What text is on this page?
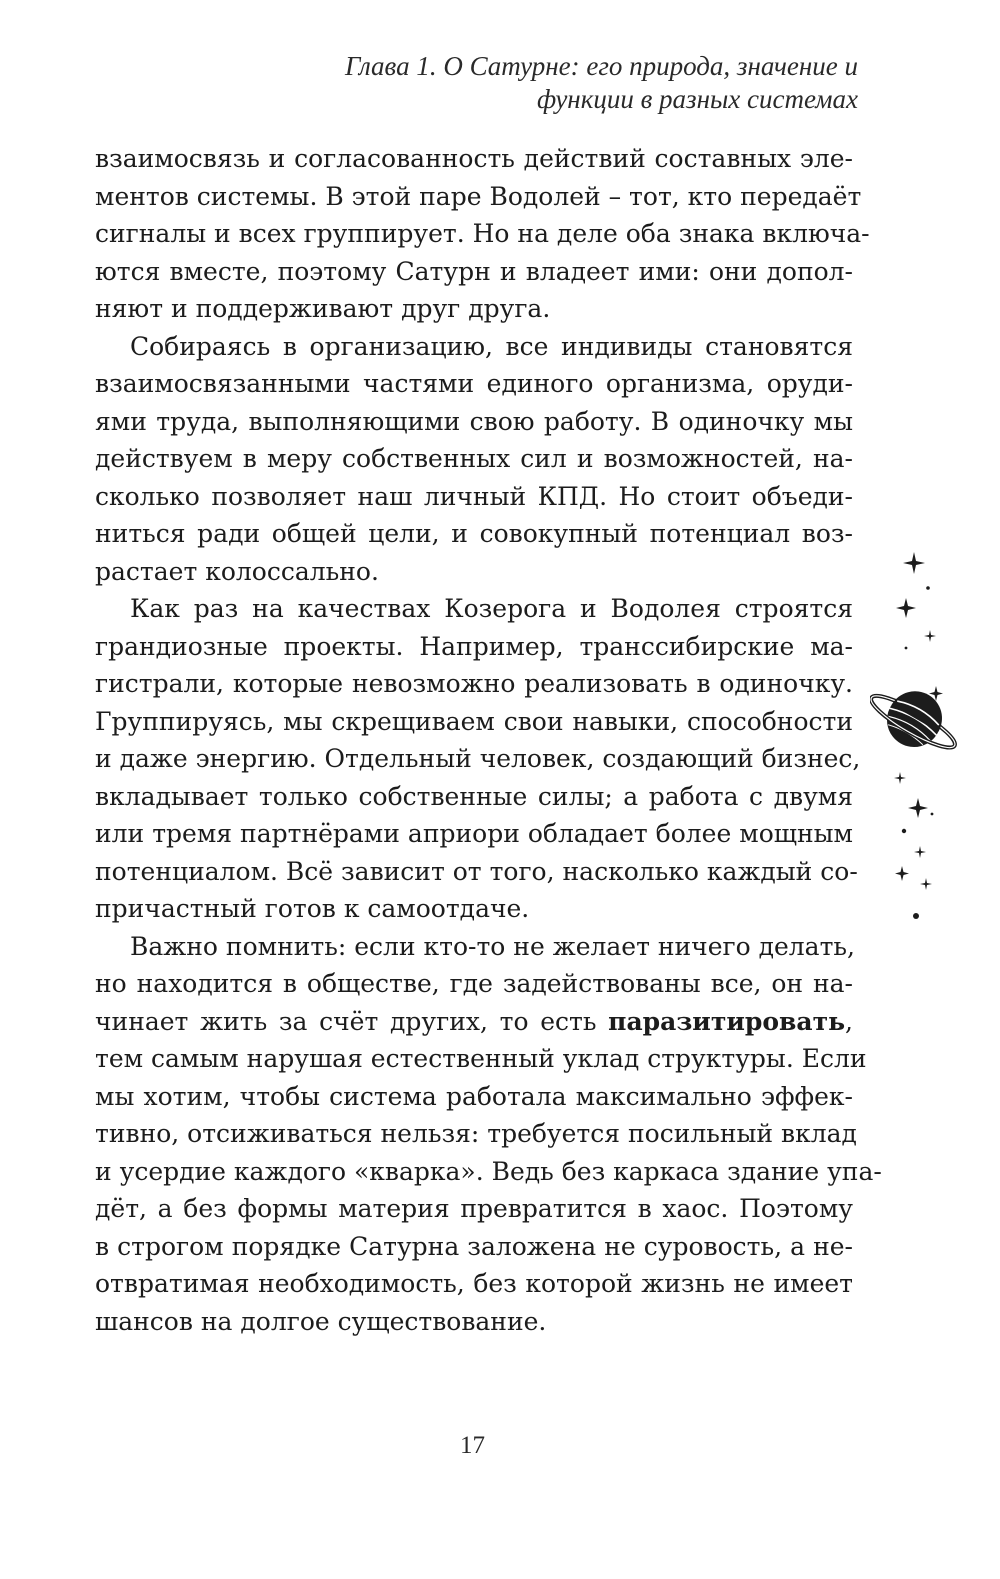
Глава 1. О Сатурне: его природа, значение и
функции в разных системах
взаимосвязь и согласованность действий составных эле-
ментов системы. В этой паре Водолей – тот, кто передаёт
сигналы и всех группирует. Но на деле оба знака включа-
ются вместе, поэтому Сатурн и владеет ими: они допол-
няют и поддерживают друг друга.
Собираясь в организацию, все индивиды становятся
взаимосвязанными частями единого организма, оруди-
ями труда, выполняющими свою работу. В одиночку мы
действуем в меру собственных сил и возможностей, на-
сколько позволяет наш личный КПД. Но стоит объеди-
ниться ради общей цели, и совокупный потенциал воз-
растает колоссально.
Как раз на качествах Козерога и Водолея строятся
грандиозные проекты. Например, транссибирские ма-
гистрали, которые невозможно реализовать в одиночку.
Группируясь, мы скрещиваем свои навыки, способности
и даже энергию. Отдельный человек, создающий бизнес,
вкладывает только собственные силы; а работа с двумя
или тремя партнёрами априори обладает более мощным
потенциалом. Всё зависит от того, насколько каждый со-
причастный готов к самоотдаче.
Важно помнить: если кто-то не желает ничего делать,
но находится в обществе, где задействованы все, он на-
чинает жить за счёт других, то есть паразитировать,
тем самым нарушая естественный уклад структуры. Если
мы хотим, чтобы система работала максимально эффек-
тивно, отсиживаться нельзя: требуется посильный вклад
и усердие каждого «кварка». Ведь без каркаса здание упа-
дёт, а без формы материя превратится в хаос. Поэтому
в строгом порядке Сатурна заложена не суровость, а не-
отвратимая необходимость, без которой жизнь не имеет
шансов на долгое существование.
17
